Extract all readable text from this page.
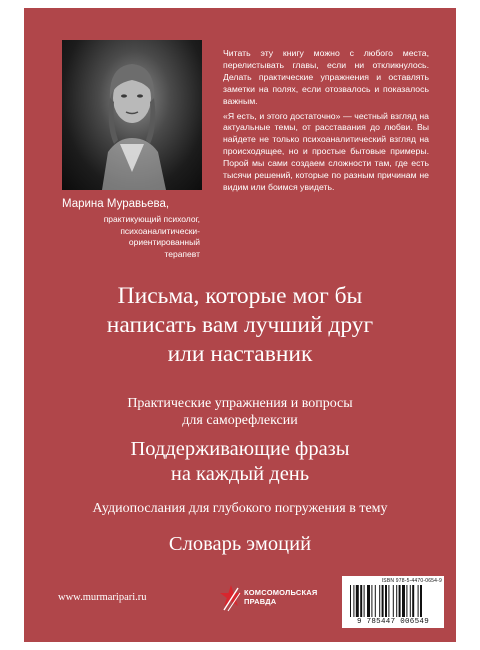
Марина Муравьева,
практикующий психолог,
психоаналитически-
ориентированный
терапевт

Читать эту книгу можно с любого места, перелистывать главы, если ни откликнулось. Делать практические упражнения и оставлять заметки на полях, если отозвалось и показалось важным.

«Я есть, и этого достаточно» — честный взгляд на актуальные темы, от расставания до любви. Вы найдете не только психоаналитический взгляд на происходящее, но и простые бытовые примеры. Порой мы сами создаем сложности там, где есть тысячи решений, которые по разным причинам не видим или боимся увидеть.

Письма, которые мог бы
написать вам лучший друг
или наставник
Практические упражнения и вопросы
для саморефлексии
Поддерживающие фразы
на каждый день
Аудиопослания для глубокого погружения в тему
Словарь эмоций
www.murmaripari.ru	КОМСОМОЛЬСКАЯ
ПРАВДА
ISBN 978-5-4470-0654-9
9 785447 006549
